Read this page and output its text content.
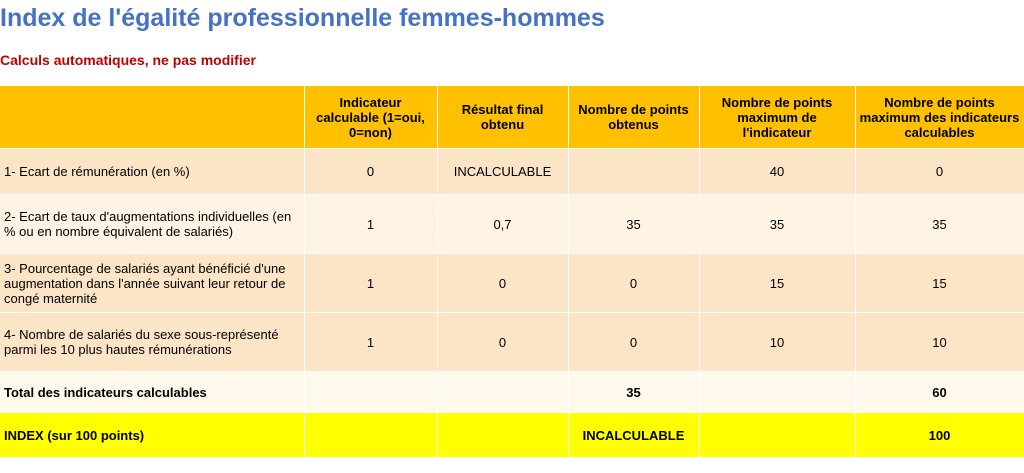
Index de l'égalité professionnelle femmes-hommes
Calculs automatiques, ne pas modifier
	Indicateur calculable (1=oui, 0=non)	Résultat final obtenu	Nombre de points obtenus	Nombre de points maximum de l'indicateur	Nombre de points maximum des indicateurs calculables
1- Ecart de rémunération (en %)	0	INCALCULABLE		40	0
2- Ecart de taux d'augmentations individuelles (en % ou en nombre équivalent de salariés)	1	0,7	35	35	35
3- Pourcentage de salariés ayant bénéficié d'une augmentation dans l'année suivant leur retour de congé maternité	1	0	0	15	15
4- Nombre de salariés du sexe sous-représenté parmi les 10 plus hautes rémunérations	1	0	0	10	10
Total des indicateurs calculables			35		60
INDEX (sur 100 points)			INCALCULABLE		100
